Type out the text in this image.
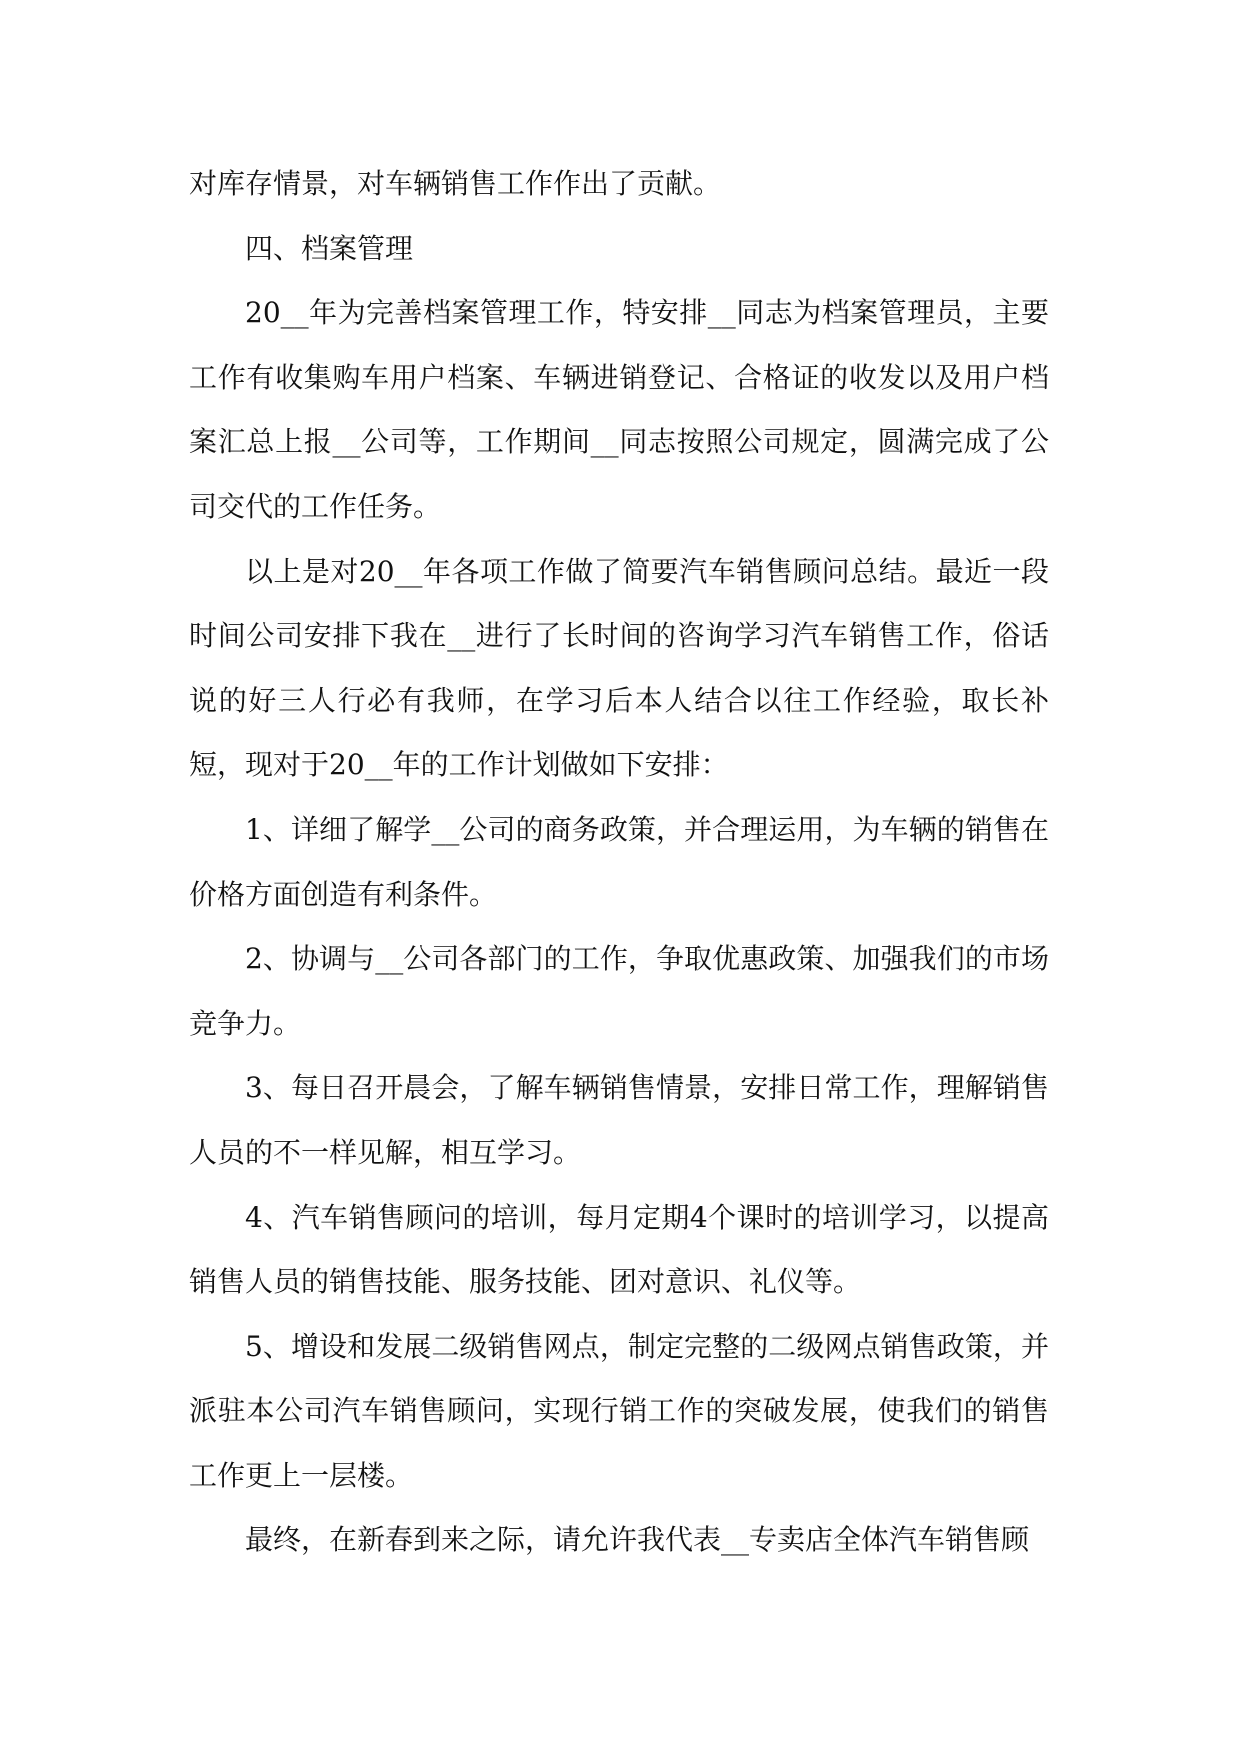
对库存情景，对车辆销售工作作出了贡献。

四、档案管理

20__年为完善档案管理工作，特安排__同志为档案管理员，主要工作有收集购车用户档案、车辆进销登记、合格证的收发以及用户档案汇总上报__公司等，工作期间__同志按照公司规定，圆满完成了公司交代的工作任务。

以上是对20__年各项工作做了简要汽车销售顾问总结。最近一段时间公司安排下我在__进行了长时间的咨询学习汽车销售工作，俗话说的好三人行必有我师，在学习后本人结合以往工作经验，取长补短，现对于20__年的工作计划做如下安排：

1、详细了解学__公司的商务政策，并合理运用，为车辆的销售在价格方面创造有利条件。

2、协调与__公司各部门的工作，争取优惠政策、加强我们的市场竞争力。

3、每日召开晨会，了解车辆销售情景，安排日常工作，理解销售人员的不一样见解，相互学习。

4、汽车销售顾问的培训，每月定期4个课时的培训学习，以提高销售人员的销售技能、服务技能、团对意识、礼仪等。

5、增设和发展二级销售网点，制定完整的二级网点销售政策，并派驻本公司汽车销售顾问，实现行销工作的突破发展，使我们的销售工作更上一层楼。

最终，在新春到来之际，请允许我代表__专卖店全体汽车销售顾
